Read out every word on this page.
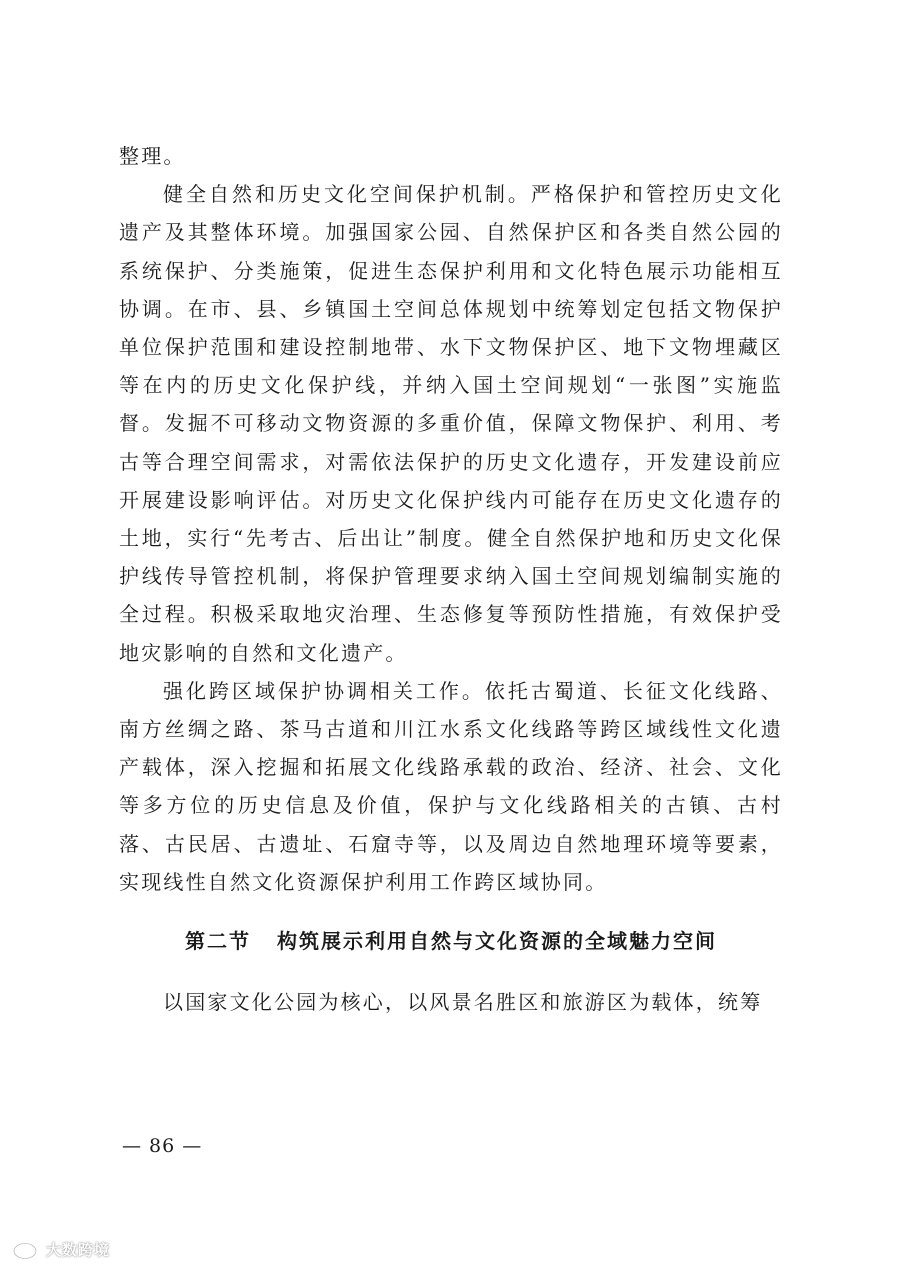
整理。

健全自然和历史文化空间保护机制。严格保护和管控历史文化遗产及其整体环境。加强国家公园、自然保护区和各类自然公园的系统保护、分类施策，促进生态保护利用和文化特色展示功能相互协调。在市、县、乡镇国土空间总体规划中统筹划定包括文物保护单位保护范围和建设控制地带、水下文物保护区、地下文物埋藏区等在内的历史文化保护线，并纳入国土空间规划“一张图”实施监督。发掘不可移动文物资源的多重价值，保障文物保护、利用、考古等合理空间需求，对需依法保护的历史文化遗存，开发建设前应开展建设影响评估。对历史文化保护线内可能存在历史文化遗存的土地，实行“先考古、后出让”制度。健全自然保护地和历史文化保护线传导管控机制，将保护管理要求纳入国土空间规划编制实施的全过程。积极采取地灾治理、生态修复等预防性措施，有效保护受地灾影响的自然和文化遗产。

强化跨区域保护协调相关工作。依托古蜀道、长征文化线路、南方丝绸之路、茶马古道和川江水系文化线路等跨区域线性文化遗产载体，深入挖掘和拓展文化线路承载的政治、经济、社会、文化等多方位的历史信息及价值，保护与文化线路相关的古镇、古村落、古民居、古遗址、石窟寺等，以及周边自然地理环境等要素，实现线性自然文化资源保护利用工作跨区域协同。

第二节 构筑展示利用自然与文化资源的全域魅力空间

以国家文化公园为核心，以风景名胜区和旅游区为载体，统筹

— 86 —
大数跨境
